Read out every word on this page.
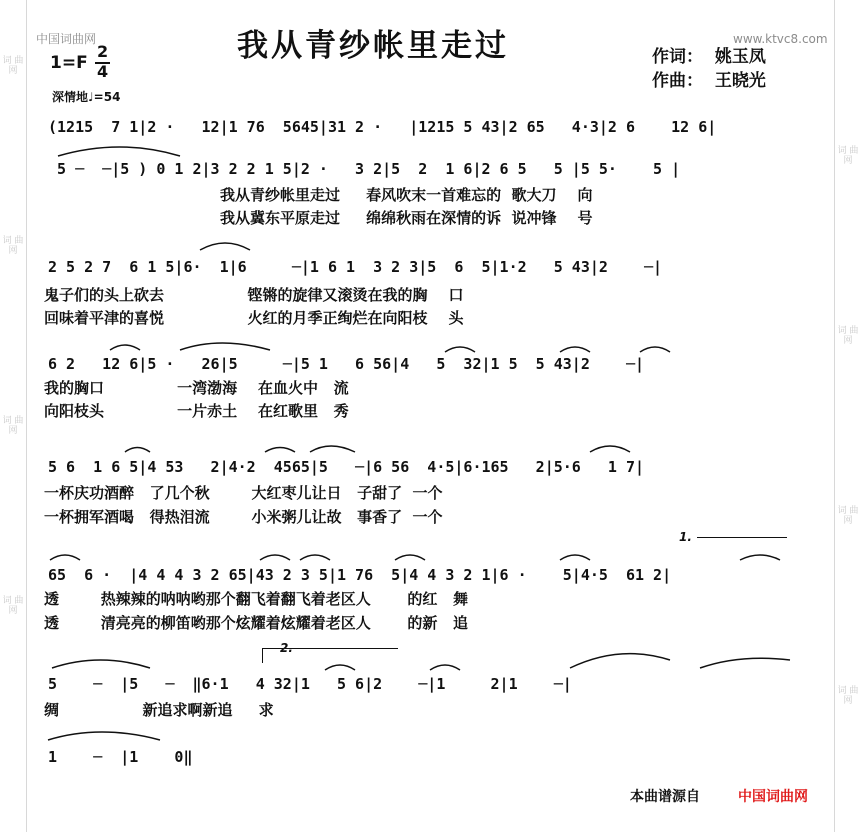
词 曲 网
词 曲 网
词 曲 网
词 曲 网
词 曲 网
词 曲 网
词 曲 网
词 曲 网
中国词曲网	www.ktvc8.com
我从青纱帐里走过
1=F
2
4
深情地♩=54
作词：  姚玉凤
作曲：  王晓光
(1215  7 1|2 ·   12|1 76  5645|31 2 ·   |1215 5 43|2 65   4·3|2 6    12 6|
5 ─  ─|5 ) 0 1 2|3 2 2 1 5|2 ·   3 2|5  2  1 6|2 6 5   5 |5 5·    5 |
我从青纱帐里走过     春风吹末一首难忘的  歌大刀    向
我从冀东平原走过     绵绵秋雨在深情的诉  说冲锋    号
2 5 2 7  6 1 5|6·  1|6     ─|1 6 1  3 2 3|5  6  5|1·2   5 43|2    ─|
鬼子们的头上砍去                铿锵的旋律又滚烫在我的胸    口
回味着平津的喜悦                火红的月季正绚烂在向阳枝    头
6 2   12 6|5 ·   26|5     ─|5 1   6 56|4   5  32|1 5  5 43|2    ─|
我的胸口              一湾渤海    在血火中   流
向阳枝头              一片赤土    在红歌里   秀
5 6  1 6 5|4 53   2|4·2  4565|5   ─|6 56  4·5|6·165   2|5·6   1 7|
一杯庆功酒醉   了几个秋        大红枣儿让日   子甜了  一个
一杯拥军酒喝   得热泪流        小米粥儿让故   事香了  一个
65  6 ·  |4 4 4 3 2 65|43 2 3 5|1 76  5|4 4 3 2 1|6 ·    5|4·5  61 2|
透        热辣辣的呐呐哟那个翻飞着翻飞着老区人       的红   舞
透        清亮亮的柳笛哟那个炫耀着炫耀着老区人       的新   追
5    ─  |5   ─  ‖6·1   4 32|1   5 6|2    ─|1     2|1    ─|
绸                新追求啊新追     求
1    ─  |1    0‖
1.
2.
本曲谱源自	中国词曲网
